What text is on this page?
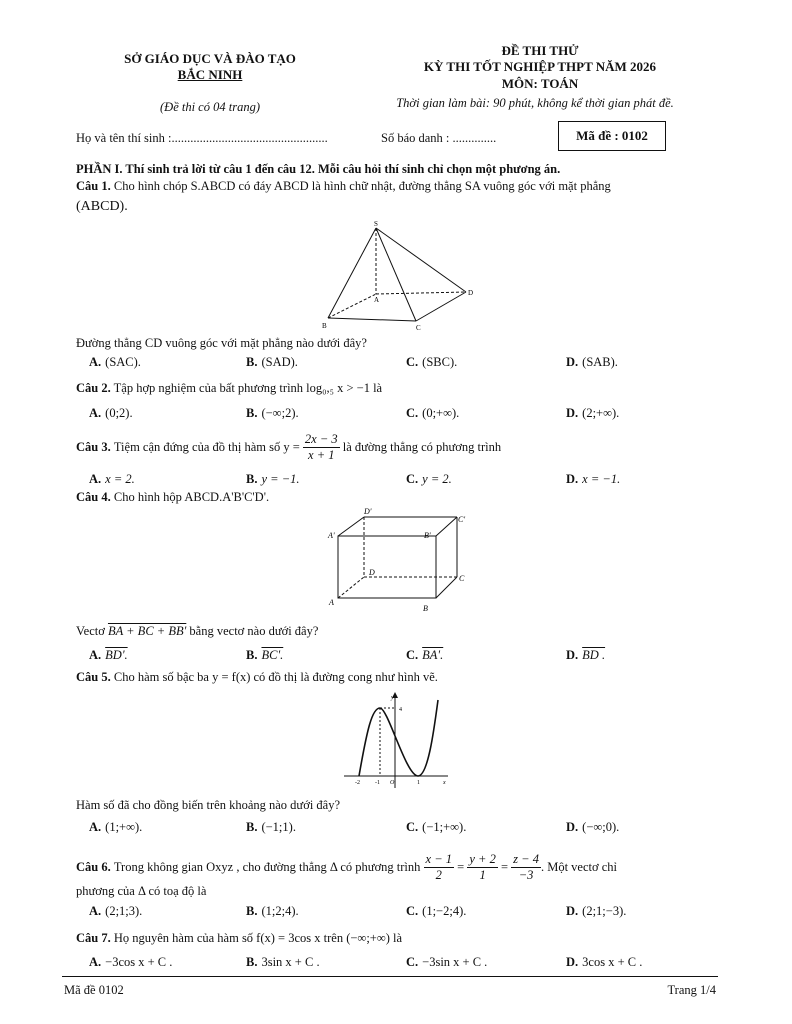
SỞ GIÁO DỤC VÀ ĐÀO TẠO
BẮC NINH
(Đề thi có 04 trang)
ĐỀ THI THỬ
KỲ THI TỐT NGHIỆP THPT NĂM 2026
MÔN: TOÁN
Thời gian làm bài: 90 phút, không kể thời gian phát đề.
Họ và tên thí sinh :..................................................	Số báo danh : ..............	Mã đề : 0102
PHẦN I. Thí sinh trả lời từ câu 1 đến câu 12. Mỗi câu hỏi thí sinh chỉ chọn một phương án.
Câu 1. Cho hình chóp S.ABCD có đáy ABCD là hình chữ nhật, đường thẳng SA vuông góc với mặt phẳng
(ABCD).
S
A
B	C
D
Đường thẳng CD vuông góc với mặt phẳng nào dưới đây?
A. (SAC).	B. (SAD).	C. (SBC).	D. (SAB).
Câu 2. Tập hợp nghiệm của bất phương trình log₀,₅ x > −1 là
A. (0;2).	B. (−∞;2).	C. (0;+∞).	D. (2;+∞).
Câu 3.
Tiệm cận đứng của đồ thị hàm số y =
$\frac{2x - 3}{x + 1}$
là đường thẳng có phương trình
A. x = 2.	B. y = −1.	C. y = 2.	D. x = −1.
Câu 4. Cho hình hộp ABCD.A'B'C'D'.
D'
C'
A'	B'
D
C
A
B
Vectơ BA + BC + BB' bằng vectơ nào dưới đây?
A. BD'.	B. BC'.	C. BA'.	D. BD .
Câu 5. Cho hàm số bậc ba y = f(x) có đồ thị là đường cong như hình vẽ.
y
4
-2	-1 O	1	x
Hàm số đã cho đồng biến trên khoảng nào dưới đây?
A. (1;+∞).	B. (−1;1).	C. (−1;+∞).	D. (−∞;0).
Câu 6.
Trong không gian Oxyz , cho đường thẳng Δ có phương trình

x − 1
2
=
y + 2
1
=
z − 4
−3
. Một vectơ chỉ
phương của Δ có toạ độ là
A. (2;1;3).	B. (1;2;4).	C. (1;−2;4).	D. (2;1;−3).
Câu 7. Họ nguyên hàm của hàm số f(x) = 3cos x trên (−∞;+∞) là
A. −3cos x + C .	B. 3sin x + C .	C. −3sin x + C .	D. 3cos x + C .
Mã đề 0102	Trang 1/4
